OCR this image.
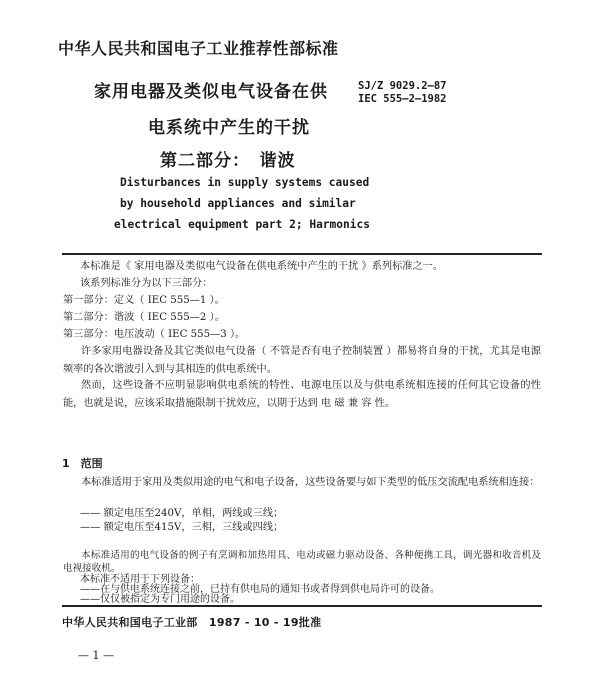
中华人民共和国电子工业推荐性部标准
家用电器及类似电气设备在供
电系统中产生的干扰
第二部分：　谐波
SJ/Z 9029.2—87
IEC 555—2—1982
Disturbances in supply systems caused
by household appliances and similar
electrical equipment part 2; Harmonics
本标准是《 家用电器及类似电气设备在供电系统中产生的干扰 》系列标准之一。
该系列标准分为以下三部分：
第一部分：定义（ IEC 555—1 ）。
第二部分：谐波（ IEC 555—2 ）。
第三部分：电压波动（ IEC 555—3 ）。
许多家用电器设备及其它类似电气设备（ 不管是否有电子控制装置 ）都易将自身的干扰，尤其是电源频率的各次谐波引入到与其相连的供电系统中。
然而，这些设备不应明显影响供电系统的特性、电源电压以及与供电系统相连接的任何其它设备的性能，也就是说，应该采取措施限制干扰效应，以期于达到 电 磁 兼 容 性。
1　范围
本标准适用于家用及类似用途的电气和电子设备，这些设备要与如下类型的低压交流配电系统相连接：
—— 额定电压至240V，单相，两线或三线；
—— 额定电压至415V，三相，三线或四线；
本标准适用的电气设备的例子有烹调和加热用具、电动或磁力驱动设备、各种便携工具，调光器和收音机及电视接收机。
中华人民共和国电子工业部　1987 - 10 - 19批准
— 1 —
本标准不适用于下列设备：
——在与供电系统连接之前，已持有供电局的通知书或者得到供电局许可的设备。
——仅仅被指定为专门用途的设备。
